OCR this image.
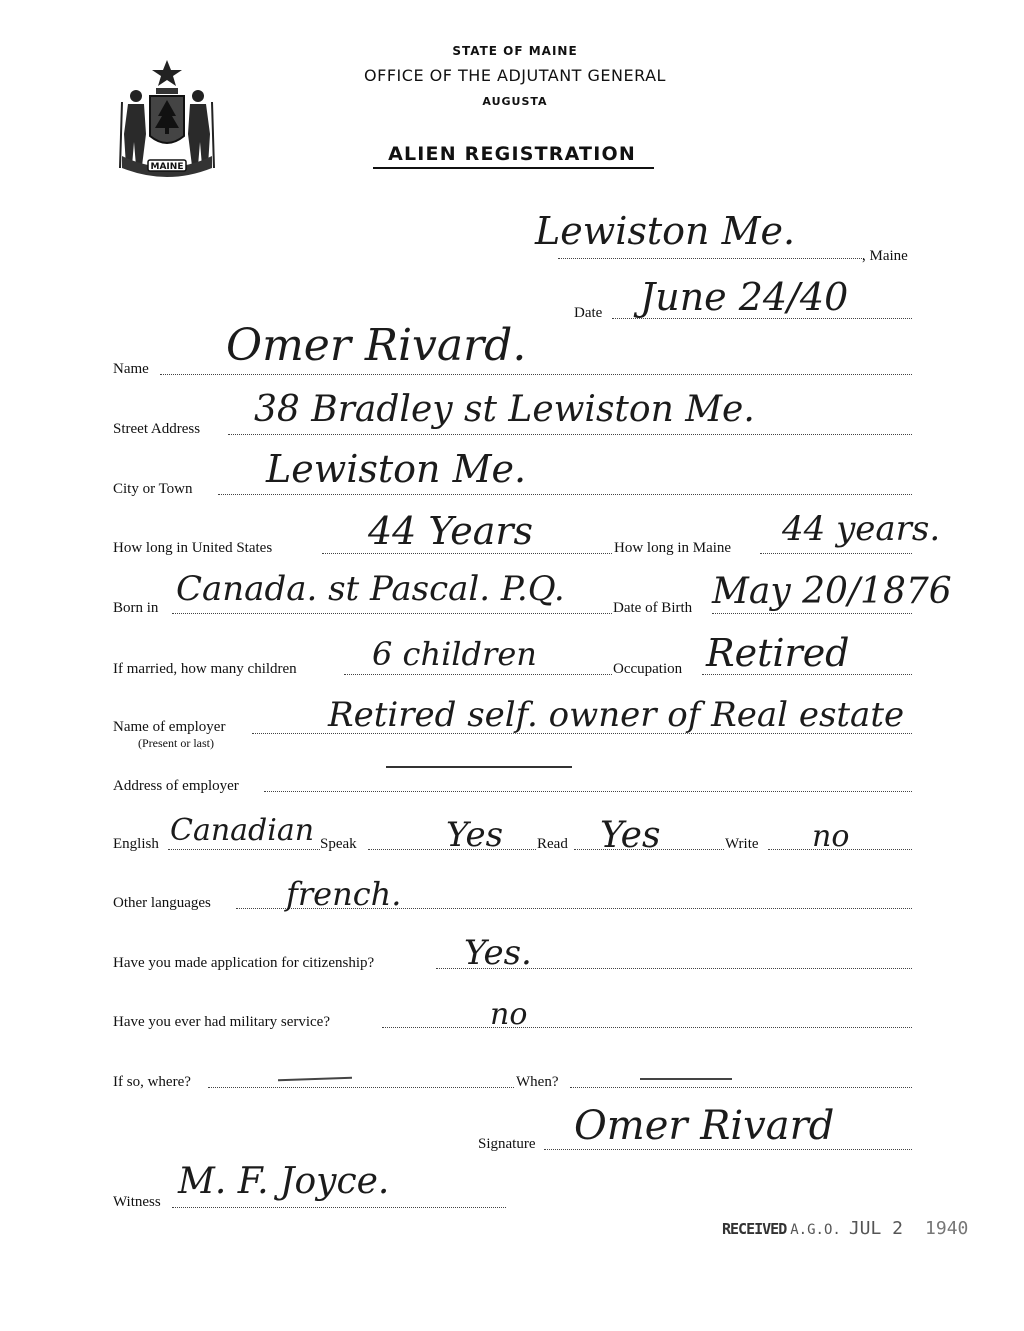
MAINE
STATE OF MAINE
OFFICE OF THE ADJUTANT GENERAL
AUGUSTA
ALIEN REGISTRATION
, Maine
Lewiston Me.
Date June 24/40
Name Omer Rivard.
Street Address 38 Bradley st Lewiston Me.
City or Town Lewiston Me.
How long in United States	44 Years	How long in Maine 44 years.
Born in Canada. st Pascal. P.Q.	Date of Birth May 20/1876
If married, how many children 6 children	Occupation Retired
Name of employer
(Present or last)
Retired self. owner of Real estate
Address of employer
English Canadian Speak	Yes Read Yes	Write no
Other languages french.
Have you made application for citizenship?	Yes.
Have you ever had military service?	no
If so, where?	When?
Signature Omer Rivard
Witness M. F. Joyce.
RECEIVED A.G.O. JUL 2 1940
